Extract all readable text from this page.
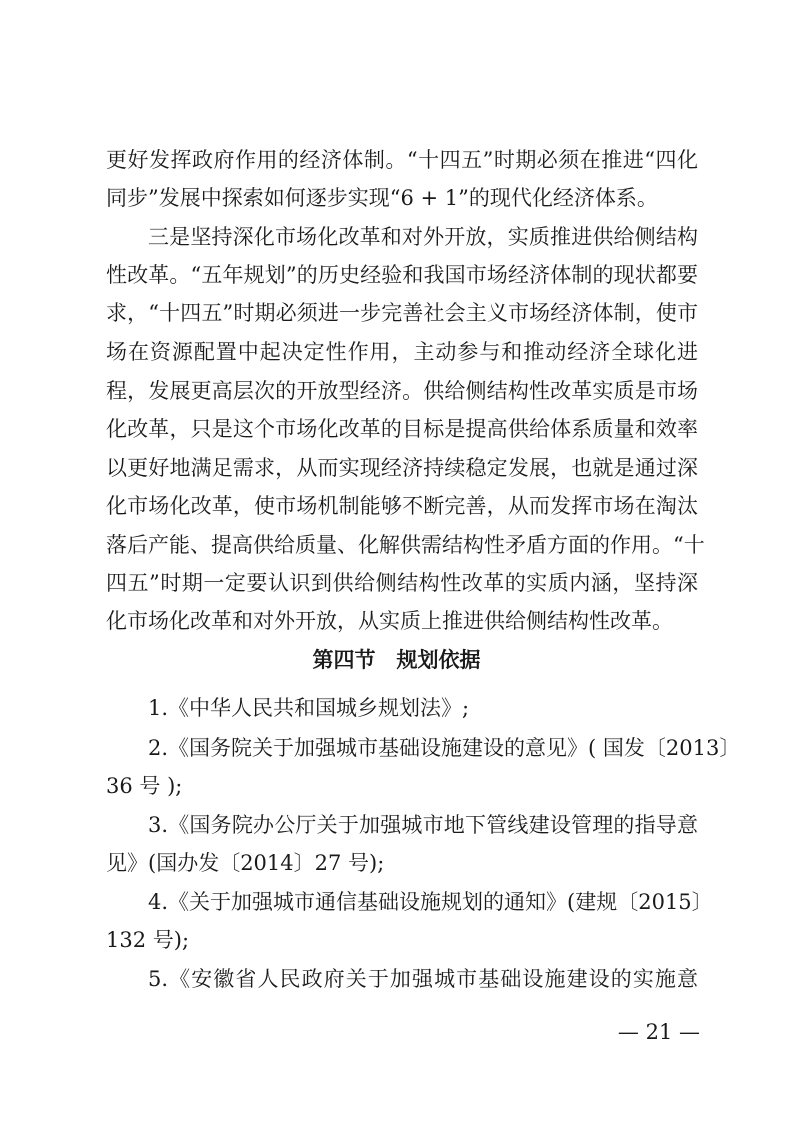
更好发挥政府作用的经济体制。“十四五”时期必须在推进“四化
同步”发展中探索如何逐步实现“6 + 1”的现代化经济体系。
三是坚持深化市场化改革和对外开放，实质推进供给侧结构
性改革。“五年规划”的历史经验和我国市场经济体制的现状都要
求，“十四五”时期必须进一步完善社会主义市场经济体制，使市
场在资源配置中起决定性作用，主动参与和推动经济全球化进
程，发展更高层次的开放型经济。供给侧结构性改革实质是市场
化改革，只是这个市场化改革的目标是提高供给体系质量和效率
以更好地满足需求，从而实现经济持续稳定发展，也就是通过深
化市场化改革，使市场机制能够不断完善，从而发挥市场在淘汰
落后产能、提高供给质量、化解供需结构性矛盾方面的作用。“十
四五”时期一定要认识到供给侧结构性改革的实质内涵，坚持深
化市场化改革和对外开放，从实质上推进供给侧结构性改革。
第四节　规划依据
1.《中华人民共和国城乡规划法》;
2.《国务院关于加强城市基础设施建设的意见》( 国发〔2013〕
36 号 );
3.《国务院办公厅关于加强城市地下管线建设管理的指导意
见》(国办发〔2014〕27 号);
4.《关于加强城市通信基础设施规划的通知》(建规〔2015〕
132 号);
5.《安徽省人民政府关于加强城市基础设施建设的实施意
— 21 —
